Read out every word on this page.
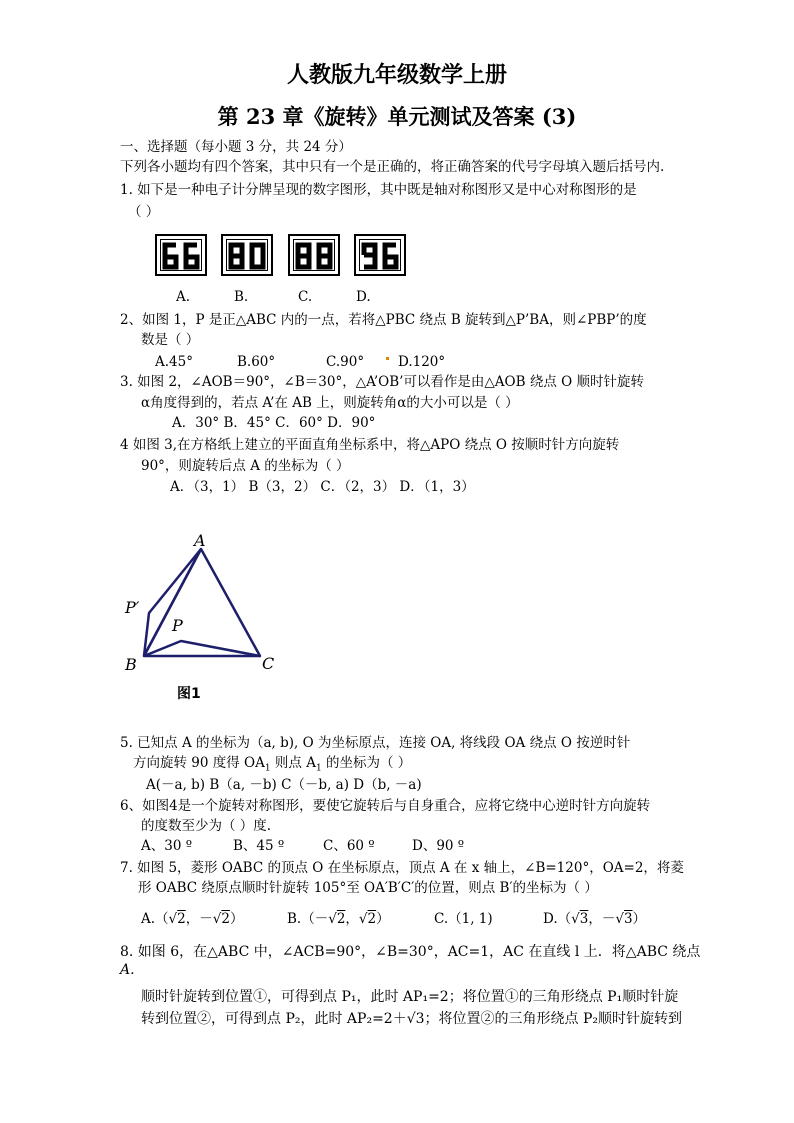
人教版九年级数学上册
第 23 章《旋转》单元测试及答案 (3)
一、选择题（每小题 3 分，共 24 分）
下列各小题均有四个答案，其中只有一个是正确的，将正确答案的代号字母填入题后括号内.
1. 如下是一种电子计分牌呈现的数字图形，其中既是轴对称图形又是中心对称图形的是
（ ）
A.	B.	C.	D.
2、如图 1，P 是正△ABC 内的一点，若将△PBC 绕点 B 旋转到△P’BA，则∠PBP’的度
数是（ ）
A.45°	B.60°	C.90°	D.120°
3. 如图 2，∠AOB＝90°，∠B＝30°，△A’OB’可以看作是由△AOB 绕点 O 顺时针旋转
α角度得到的，若点 A’在 AB 上，则旋转角α的大小可以是（ ）
A．30° B．45° C．60° D．90°
4 如图 3,在方格纸上建立的平面直角坐标系中，将△APO 绕点 O 按顺时针方向旋转
90°，则旋转后点 A 的坐标为（ ）
A．（3，1） B（3，2） C．（2，3） D．（1，3）
A
P′
P
B	C
图1
5. 已知点 A 的坐标为（a, b), O 为坐标原点，连接 OA, 将线段 OA 绕点 O 按逆时针
方向旋转 90 度得 $OA_1$ 则点 $A_1$ 的坐标为（ ）
A(－a, b) B（a, －b) C（－b, a) D（b, －a)
6、如图4是一个旋转对称图形，要使它旋转后与自身重合，应将它绕中心逆时针方向旋转
的度数至少为（ ）度.
A、30 º	B、45 º	C、60 º	D、90 º
7. 如图 5，菱形 OABC 的顶点 O 在坐标原点，顶点 A 在 x 轴上，∠B=120°，OA=2，将菱
形 OABC 绕原点顺时针旋转 105°至 OA′B′C′的位置，则点 B′的坐标为（ ）
A.（√2，－√2）	B.（－√2，√2）	C.（1, 1)	D.（√3，－√3）
8. 如图 6，在△ABC 中，∠ACB=90°，∠B=30°，AC=1，AC 在直线 l 上．将△ABC 绕点
A.
顺时针旋转到位置①，可得到点 P₁，此时 AP₁=2；将位置①的三角形绕点 P₁顺时针旋
转到位置②，可得到点 P₂，此时 AP₂=2＋√3；将位置②的三角形绕点 P₂顺时针旋转到
